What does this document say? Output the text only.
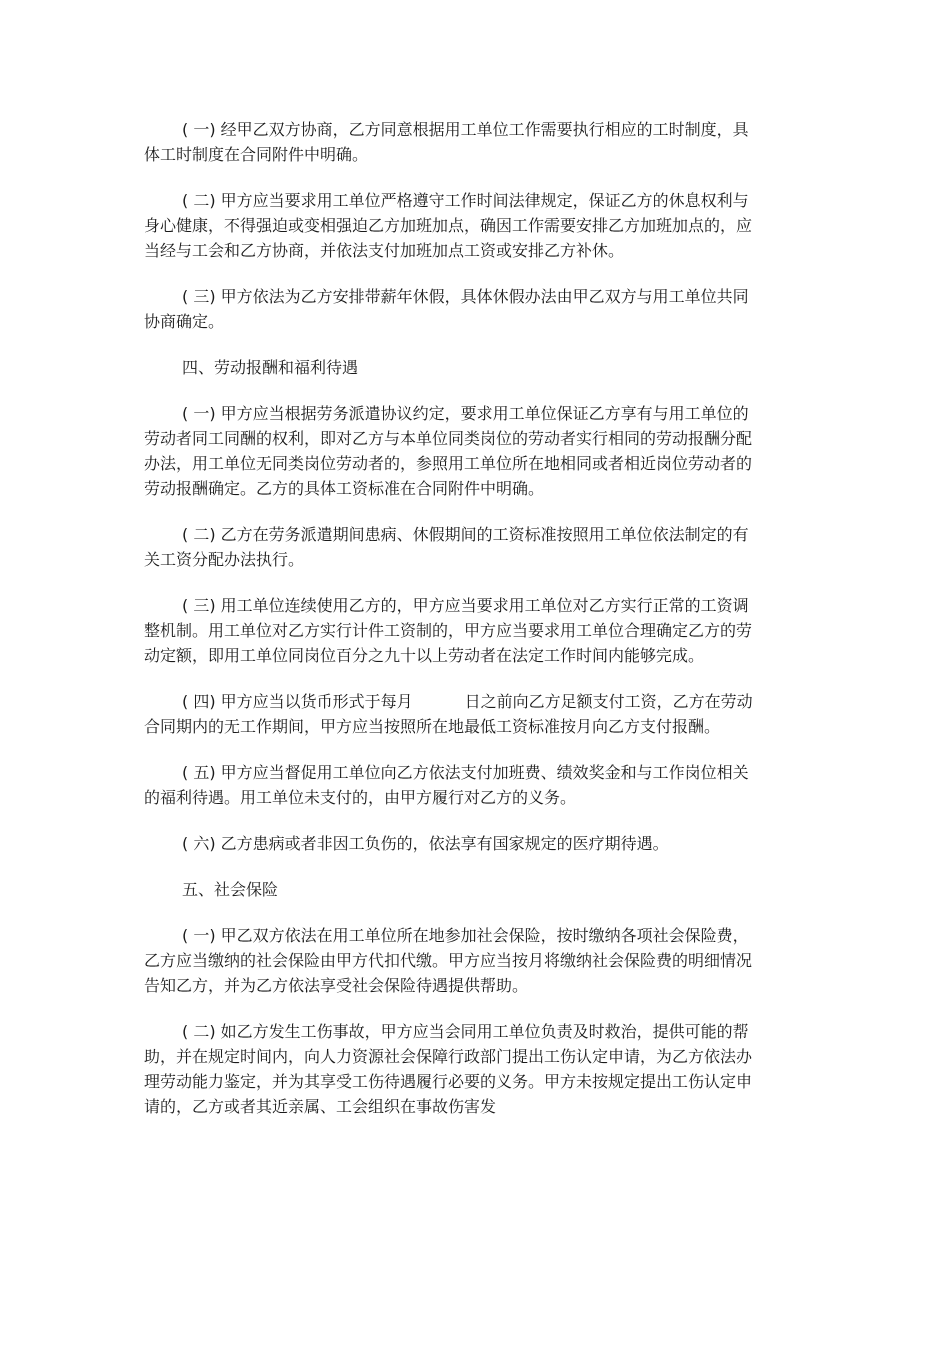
( 一) 经甲乙双方协商，乙方同意根据用工单位工作需要执行相应的工时制度，具体工时制度在合同附件中明确。

( 二) 甲方应当要求用工单位严格遵守工作时间法律规定，保证乙方的休息权利与身心健康，不得强迫或变相强迫乙方加班加点，确因工作需要安排乙方加班加点的，应当经与工会和乙方协商，并依法支付加班加点工资或安排乙方补休。

( 三) 甲方依法为乙方安排带薪年休假，具体休假办法由甲乙双方与用工单位共同协商确定。

四、劳动报酬和福利待遇

( 一) 甲方应当根据劳务派遣协议约定，要求用工单位保证乙方享有与用工单位的劳动者同工同酬的权利，即对乙方与本单位同类岗位的劳动者实行相同的劳动报酬分配办法，用工单位无同类岗位劳动者的，参照用工单位所在地相同或者相近岗位劳动者的劳动报酬确定。乙方的具体工资标准在合同附件中明确。

( 二) 乙方在劳务派遣期间患病、休假期间的工资标准按照用工单位依法制定的有关工资分配办法执行。

( 三) 用工单位连续使用乙方的，甲方应当要求用工单位对乙方实行正常的工资调整机制。用工单位对乙方实行计件工资制的，甲方应当要求用工单位合理确定乙方的劳动定额，即用工单位同岗位百分之九十以上劳动者在法定工作时间内能够完成。

( 四) 甲方应当以货币形式于每月	日之前向乙方足额支付工资，乙方在劳动合同期内的无工作期间，甲方应当按照所在地最低工资标准按月向乙方支付报酬。

( 五) 甲方应当督促用工单位向乙方依法支付加班费、绩效奖金和与工作岗位相关的福利待遇。用工单位未支付的，由甲方履行对乙方的义务。

( 六) 乙方患病或者非因工负伤的，依法享有国家规定的医疗期待遇。

五、社会保险

( 一) 甲乙双方依法在用工单位所在地参加社会保险，按时缴纳各项社会保险费，乙方应当缴纳的社会保险由甲方代扣代缴。甲方应当按月将缴纳社会保险费的明细情况告知乙方，并为乙方依法享受社会保险待遇提供帮助。

( 二) 如乙方发生工伤事故，甲方应当会同用工单位负责及时救治，提供可能的帮助，并在规定时间内，向人力资源社会保障行政部门提出工伤认定申请，为乙方依法办理劳动能力鉴定，并为其享受工伤待遇履行必要的义务。甲方未按规定提出工伤认定申请的，乙方或者其近亲属、工会组织在事故伤害发
